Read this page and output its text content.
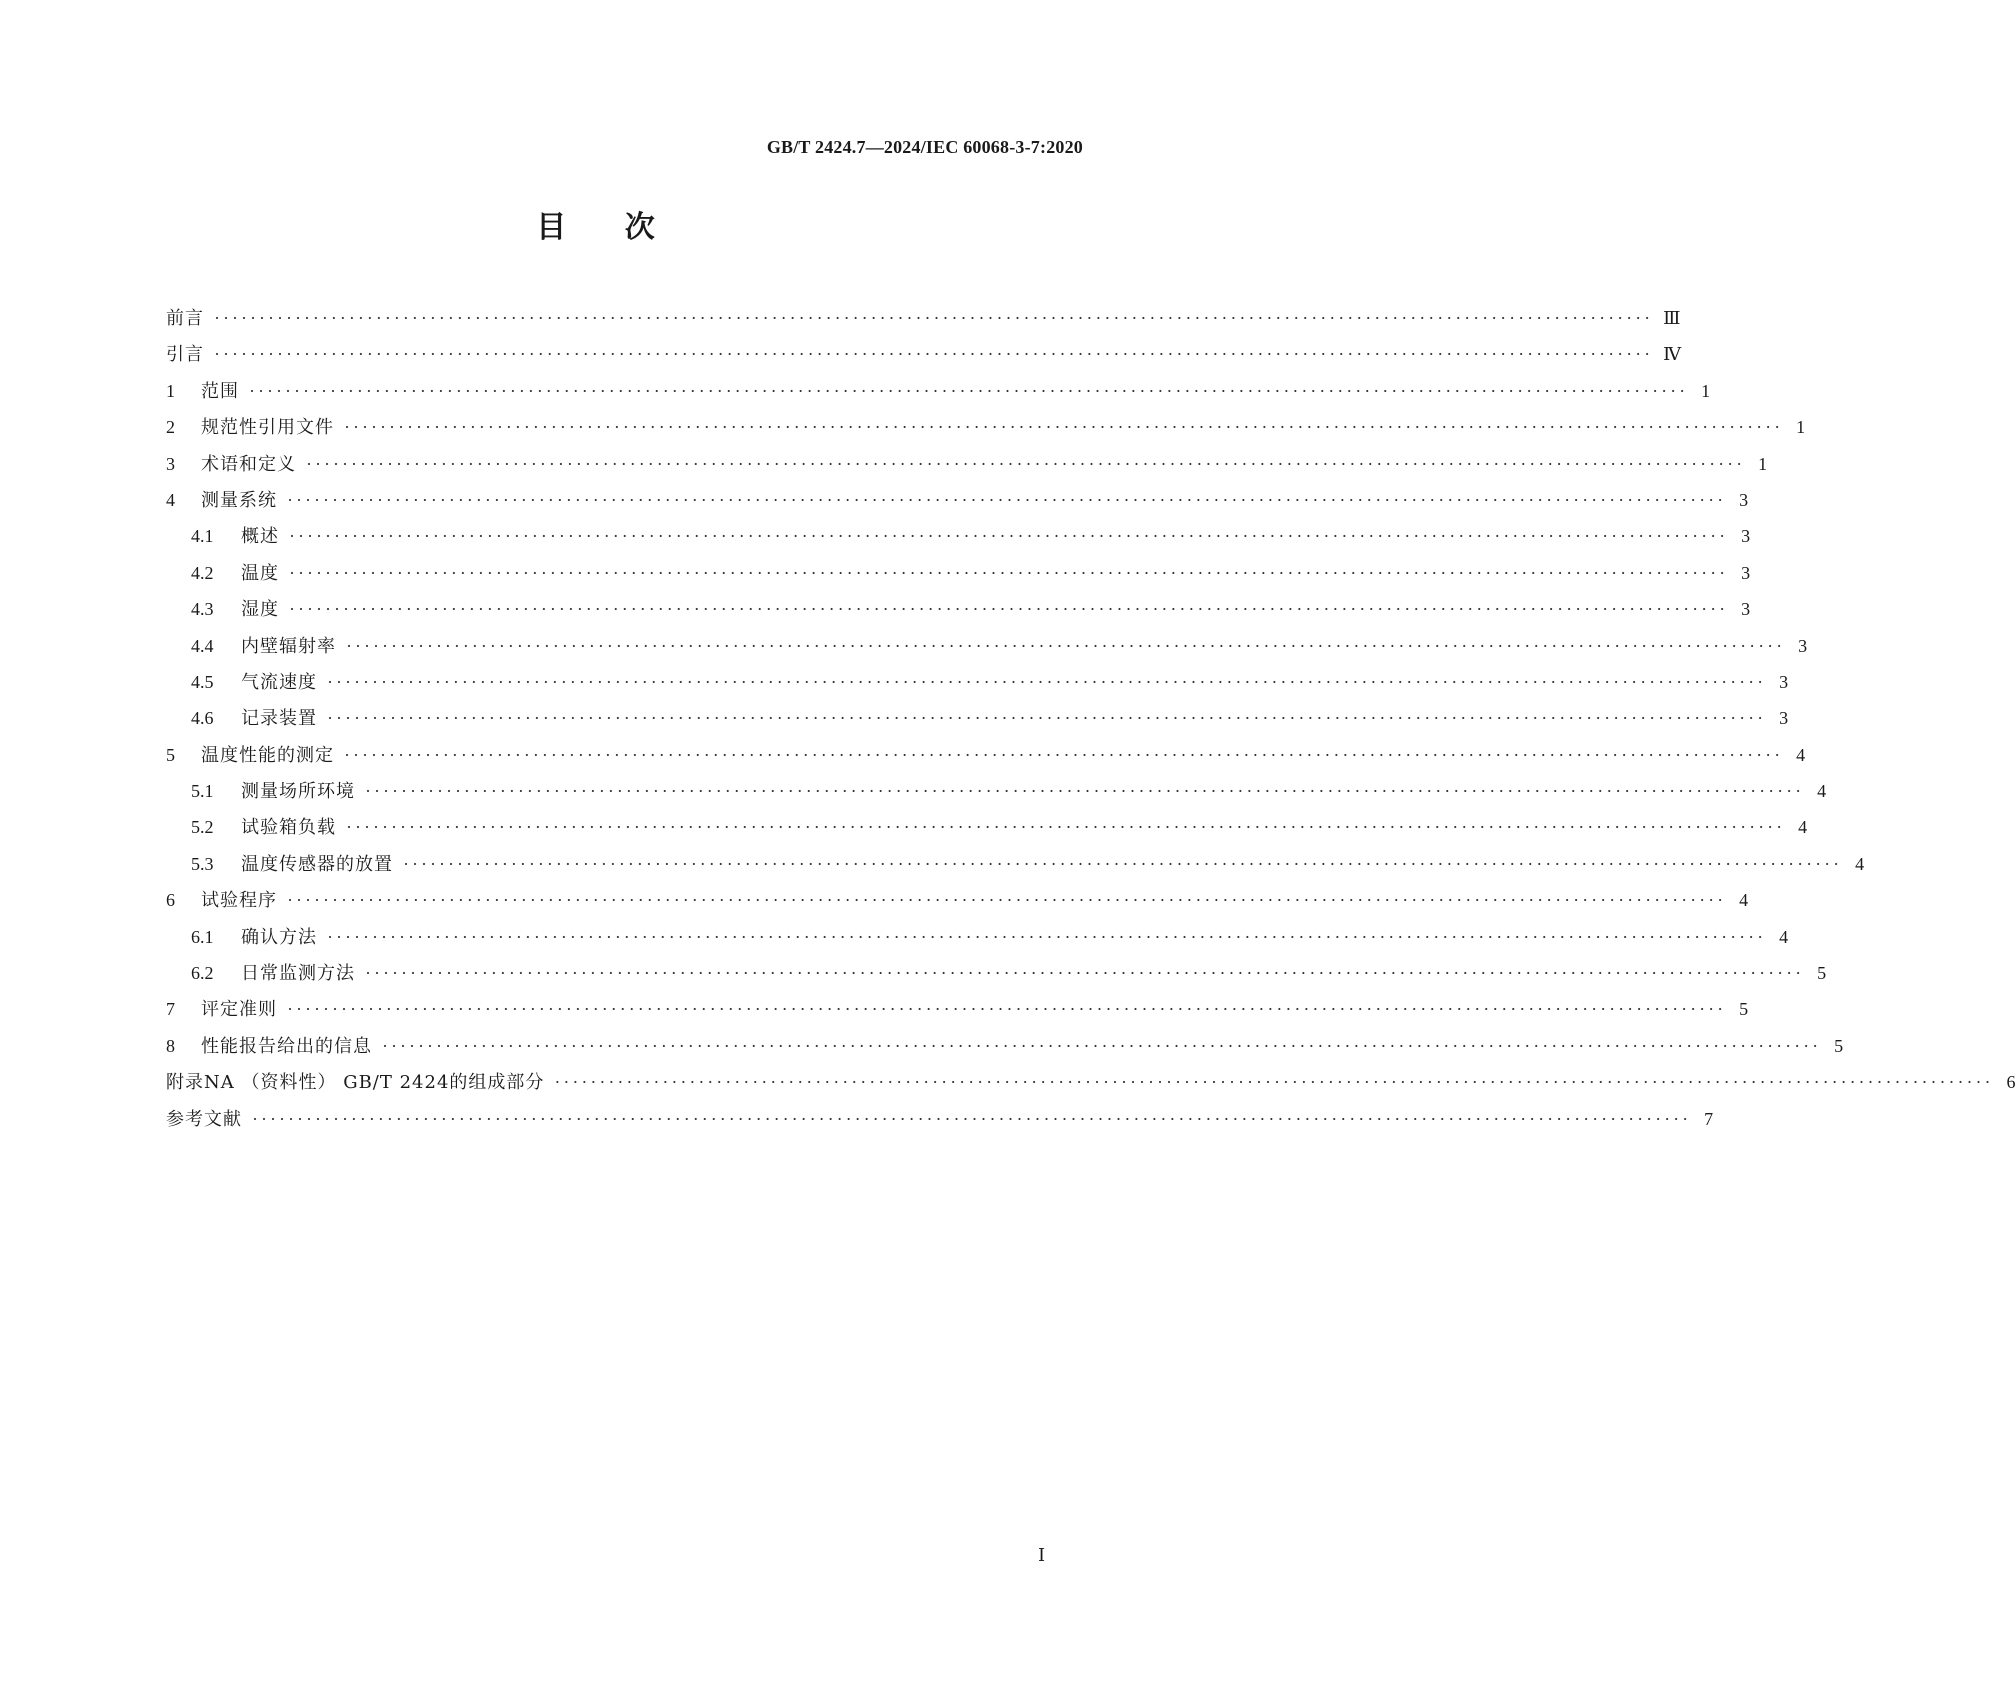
GB/T 2424.7—2024/IEC 60068-3-7:2020
目 次
前言 ································································································································································ Ⅲ
引言 ································································································································································ Ⅳ
1	范围 ································································································································································ 1
2	规范性引用文件 ································································································································································ 1
3	术语和定义 ································································································································································ 1
4	测量系统 ································································································································································ 3
4.1	概述 ································································································································································ 3
4.2	温度 ································································································································································ 3
4.3	湿度 ································································································································································ 3
4.4	内壁辐射率 ································································································································································ 3
4.5	气流速度 ································································································································································ 3
4.6	记录装置 ································································································································································ 3
5	温度性能的测定 ································································································································································ 4
5.1	测量场所环境 ································································································································································ 4
5.2	试验箱负载 ································································································································································ 4
5.3	温度传感器的放置 ································································································································································ 4
6	试验程序 ································································································································································ 4
6.1	确认方法 ································································································································································ 4
6.2	日常监测方法 ································································································································································ 5
7	评定准则 ································································································································································ 5
8	性能报告给出的信息 ································································································································································ 5
附录NA （资料性） GB/T 2424的组成部分 ································································································································································ 6
参考文献 ································································································································································ 7
Ⅰ
